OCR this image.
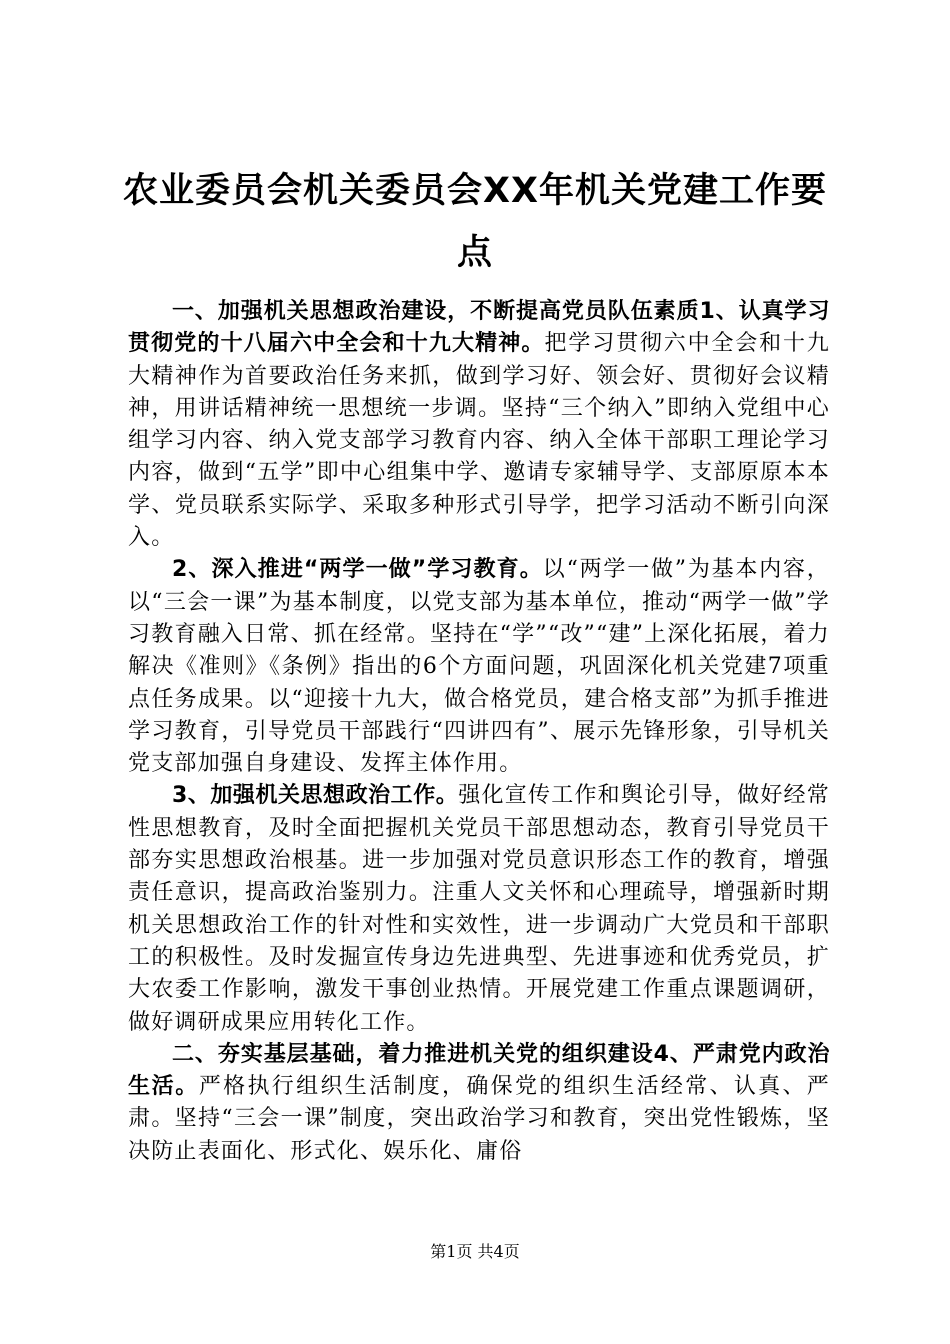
农业委员会机关委员会XX年机关党建工作要点

一、加强机关思想政治建设，不断提高党员队伍素质1、认真学习贯彻党的十八届六中全会和十九大精神。把学习贯彻六中全会和十九大精神作为首要政治任务来抓，做到学习好、领会好、贯彻好会议精神，用讲话精神统一思想统一步调。坚持“三个纳入”即纳入党组中心组学习内容、纳入党支部学习教育内容、纳入全体干部职工理论学习内容，做到“五学”即中心组集中学、邀请专家辅导学、支部原原本本学、党员联系实际学、采取多种形式引导学，把学习活动不断引向深入。

2、深入推进“两学一做”学习教育。以“两学一做”为基本内容，以“三会一课”为基本制度，以党支部为基本单位，推动“两学一做”学习教育融入日常、抓在经常。坚持在“学”“改”“建”上深化拓展，着力解决《准则》《条例》指出的6个方面问题，巩固深化机关党建7项重点任务成果。以“迎接十九大，做合格党员，建合格支部”为抓手推进学习教育，引导党员干部践行“四讲四有”、展示先锋形象，引导机关党支部加强自身建设、发挥主体作用。

3、加强机关思想政治工作。强化宣传工作和舆论引导，做好经常性思想教育，及时全面把握机关党员干部思想动态，教育引导党员干部夯实思想政治根基。进一步加强对党员意识形态工作的教育，增强责任意识，提高政治鉴别力。注重人文关怀和心理疏导，增强新时期机关思想政治工作的针对性和实效性，进一步调动广大党员和干部职工的积极性。及时发掘宣传身边先进典型、先进事迹和优秀党员，扩大农委工作影响，激发干事创业热情。开展党建工作重点课题调研，做好调研成果应用转化工作。

二、夯实基层基础，着力推进机关党的组织建设4、严肃党内政治生活。严格执行组织生活制度，确保党的组织生活经常、认真、严肃。坚持“三会一课”制度，突出政治学习和教育，突出党性锻炼，坚决防止表面化、形式化、娱乐化、庸俗

第1页 共4页
